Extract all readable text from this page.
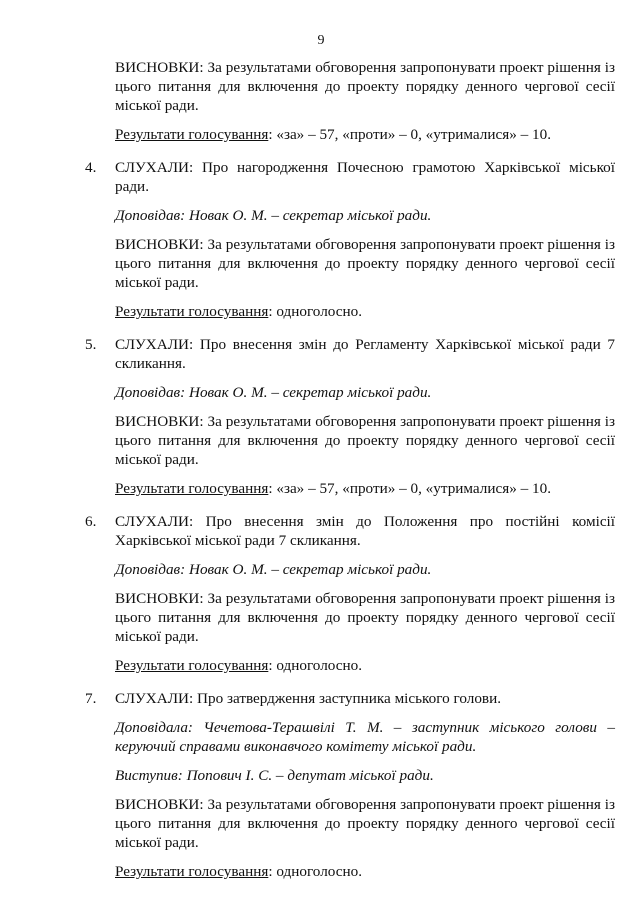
9

ВИСНОВКИ: За результатами обговорення запропонувати проект рішення із цього питання для включення до проекту порядку денного чергової сесії міської ради.

Результати голосування: «за» – 57, «проти» – 0, «утрималися» – 10.

4.	СЛУХАЛИ: Про нагородження Почесною грамотою Харківської міської ради.

Доповідав: Новак О. М. – секретар міської ради.

ВИСНОВКИ: За результатами обговорення запропонувати проект рішення із цього питання для включення до проекту порядку денного чергової сесії міської ради.

Результати голосування: одноголосно.

5.	СЛУХАЛИ: Про внесення змін до Регламенту Харківської міської ради 7 скликання.

Доповідав: Новак О. М. – секретар міської ради.

ВИСНОВКИ: За результатами обговорення запропонувати проект рішення із цього питання для включення до проекту порядку денного чергової сесії міської ради.

Результати голосування: «за» – 57, «проти» – 0, «утрималися» – 10.

6.	СЛУХАЛИ: Про внесення змін до Положення про постійні комісії Харківської міської ради 7 скликання.

Доповідав: Новак О. М. – секретар міської ради.

ВИСНОВКИ: За результатами обговорення запропонувати проект рішення із цього питання для включення до проекту порядку денного чергової сесії міської ради.

Результати голосування: одноголосно.

7.	СЛУХАЛИ: Про затвердження заступника міського голови.

Доповідала: Чечетова-Терашвілі Т. М. – заступник міського голови – керуючий справами виконавчого комітету міської ради.

Виступив: Попович І. С. – депутат міської ради.

ВИСНОВКИ: За результатами обговорення запропонувати проект рішення із цього питання для включення до проекту порядку денного чергової сесії міської ради.

Результати голосування: одноголосно.
